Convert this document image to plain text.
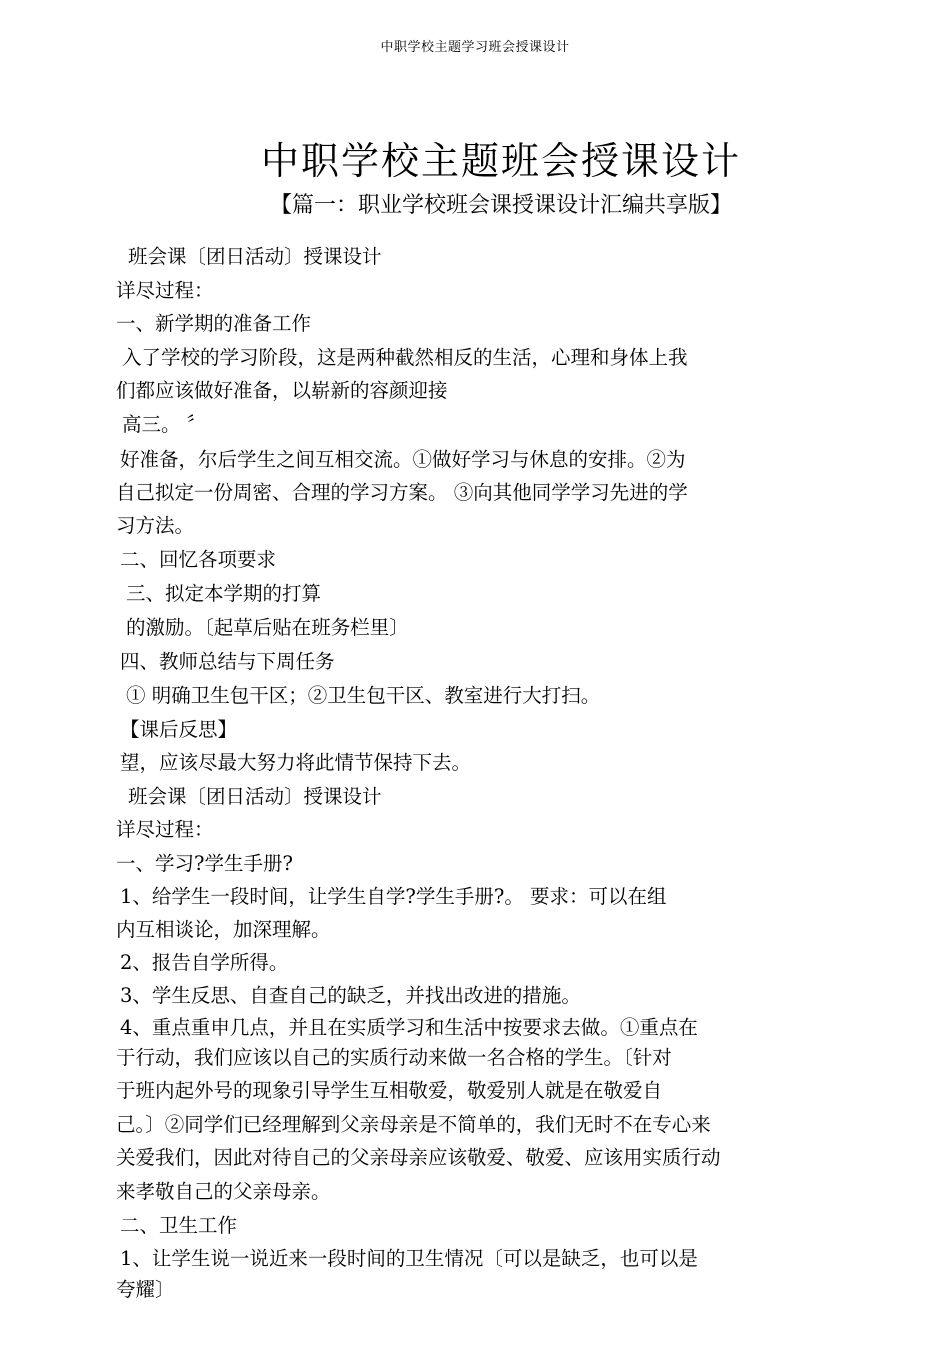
中职学校主题学习班会授课设计
中职学校主题班会授课设计
【篇一：职业学校班会课授课设计汇编共享版】
班会课〔团日活动〕授课设计
详尽过程：
一、新学期的准备工作
入了学校的学习阶段，这是两种截然相反的生活，心理和身体上我
们都应该做好准备，以崭新的容颜迎接
高三。 〞
好准备，尔后学生之间互相交流。①做好学习与休息的安排。②为
自己拟定一份周密、合理的学习方案。 ③向其他同学学习先进的学
习方法。
二、回忆各项要求
三、拟定本学期的打算
的激励。〔起草后贴在班务栏里〕
四、教师总结与下周任务
① 明确卫生包干区；②卫生包干区、教室进行大打扫。
【课后反思】
望，应该尽最大努力将此情节保持下去。
班会课〔团日活动〕授课设计
详尽过程：
一、学习?学生手册?
1、给学生一段时间，让学生自学?学生手册?。 要求：可以在组
内互相谈论，加深理解。
2、报告自学所得。
3、学生反思、自查自己的缺乏，并找出改进的措施。
4、重点重申几点，并且在实质学习和生活中按要求去做。①重点在
于行动，我们应该以自己的实质行动来做一名合格的学生。〔针对
于班内起外号的现象引导学生互相敬爱，敬爱别人就是在敬爱自
己。〕②同学们已经理解到父亲母亲是不简单的，我们无时不在专心来
关爱我们，因此对待自己的父亲母亲应该敬爱、敬爱、应该用实质行动
来孝敬自己的父亲母亲。
二、卫生工作
1、让学生说一说近来一段时间的卫生情况〔可以是缺乏，也可以是
夸耀〕
